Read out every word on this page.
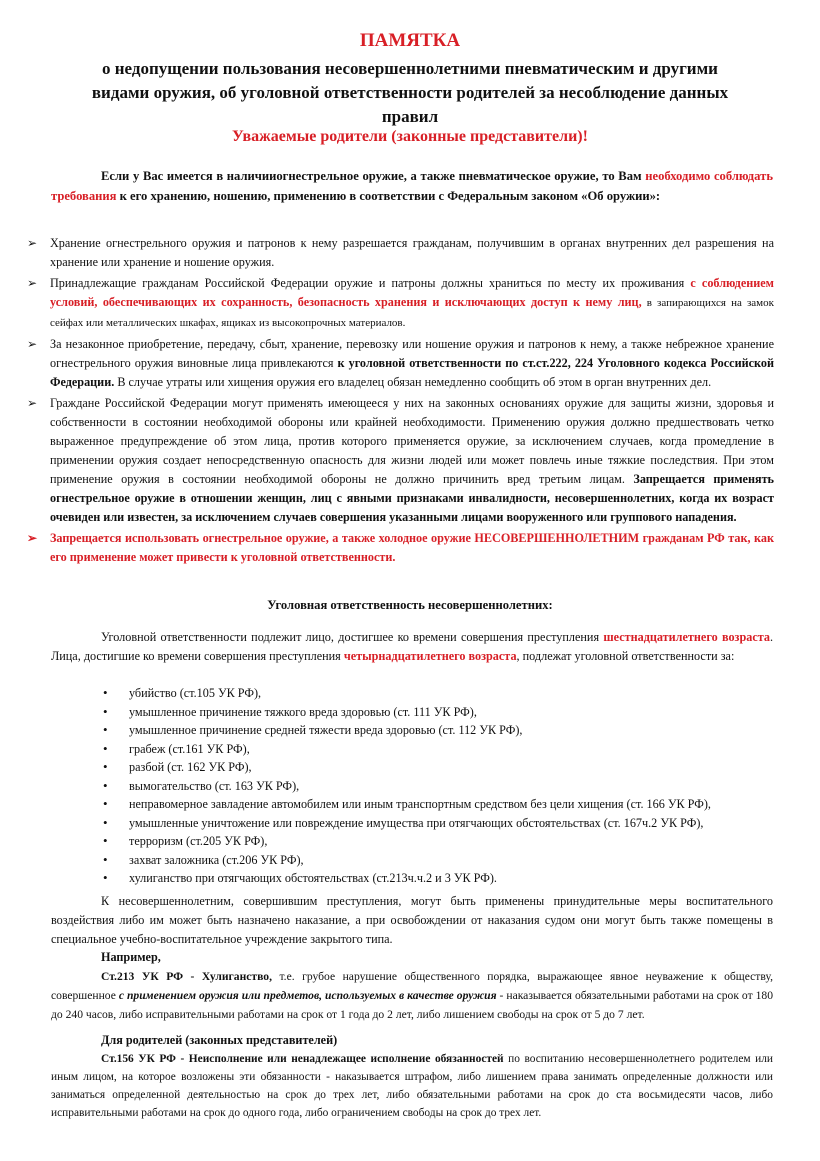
ПАМЯТКА
о недопущении пользования несовершеннолетними пневматическим и другими
видами оружия, об уголовной ответственности родителей за несоблюдение данных
правил
Уважаемые родители (законные представители)!
Если у Вас имеется в наличииогнестрельное оружие, а также пневматическое оружие, то Вам необходимо соблюдать требования к его хранению, ношению, применению в соответствии с Федеральным законом «Об оружии»:
➢ Хранение огнестрельного оружия и патронов к нему разрешается гражданам, получившим в органах внутренних дел разрешения на хранение или хранение и ношение оружия.
➢ Принадлежащие гражданам Российской Федерации оружие и патроны должны храниться по месту их проживания с соблюдением условий, обеспечивающих их сохранность, безопасность хранения и исключающих доступ к нему лиц, в запирающихся на замок сейфах или металлических шкафах, ящиках из высокопрочных материалов.
➢ За незаконное приобретение, передачу, сбыт, хранение, перевозку или ношение оружия и патронов к нему, а также небрежное хранение огнестрельного оружия виновные лица привлекаются к уголовной ответственности по ст.ст.222, 224 Уголовного кодекса Российской Федерации. В случае утраты или хищения оружия его владелец обязан немедленно сообщить об этом в орган внутренних дел.
➢ Граждане Российской Федерации могут применять имеющееся у них на законных основаниях оружие для защиты жизни, здоровья и собственности в состоянии необходимой обороны или крайней необходимости. Применению оружия должно предшествовать четко выраженное предупреждение об этом лица, против которого применяется оружие, за исключением случаев, когда промедление в применении оружия создает непосредственную опасность для жизни людей или может повлечь иные тяжкие последствия. При этом применение оружия в состоянии необходимой обороны не должно причинить вред третьим лицам. Запрещается применять огнестрельное оружие в отношении женщин, лиц с явными признаками инвалидности, несовершеннолетних, когда их возраст очевиден или известен, за исключением случаев совершения указанными лицами вооруженного или группового нападения.
➢ Запрещается использовать огнестрельное оружие, а также холодное оружие НЕСОВЕРШЕННОЛЕТНИМ гражданам РФ так, как его применение может привести к уголовной ответственности.
Уголовная ответственность несовершеннолетних:
Уголовной ответственности подлежит лицо, достигшее ко времени совершения преступления шестнадцатилетнего возраста. Лица, достигшие ко времени совершения преступления четырнадцатилетнего возраста, подлежат уголовной ответственности за:
• убийство (ст.105 УК РФ),
• умышленное причинение тяжкого вреда здоровью (ст. 111 УК РФ),
• умышленное причинение средней тяжести вреда здоровью (ст. 112 УК РФ),
• грабеж (ст.161 УК РФ),
• разбой (ст. 162 УК РФ),
• вымогательство (ст. 163 УК РФ),
• неправомерное завладение автомобилем или иным транспортным средством без цели хищения (ст. 166 УК РФ),
• умышленные уничтожение или повреждение имущества при отягчающих обстоятельствах (ст. 167ч.2 УК РФ),
• терроризм (ст.205 УК РФ),
• захват заложника (ст.206 УК РФ),
• хулиганство при отягчающих обстоятельствах (ст.213ч.ч.2 и 3 УК РФ).
К несовершеннолетним, совершившим преступления, могут быть применены принудительные меры воспитательного воздействия либо им может быть назначено наказание, а при освобождении от наказания судом они могут быть также помещены в специальное учебно-воспитательное учреждение закрытого типа.
Например,
Ст.213 УК РФ - Хулиганство, т.е. грубое нарушение общественного порядка, выражающее явное неуважение к обществу, совершенное с применением оружия или предметов, используемых в качестве оружия - наказывается обязательными работами на срок от 180 до 240 часов, либо исправительными работами на срок от 1 года до 2 лет, либо лишением свободы на срок от 5 до 7 лет.
Для родителей (законных представителей)
Ст.156 УК РФ - Неисполнение или ненадлежащее исполнение обязанностей по воспитанию несовершеннолетнего родителем или иным лицом, на которое возложены эти обязанности - наказывается штрафом, либо лишением права занимать определенные должности или заниматься определенной деятельностью на срок до трех лет, либо обязательными работами на срок до ста восьмидесяти часов, либо исправительными работами на срок до одного года, либо ограничением свободы на срок до трех лет.
